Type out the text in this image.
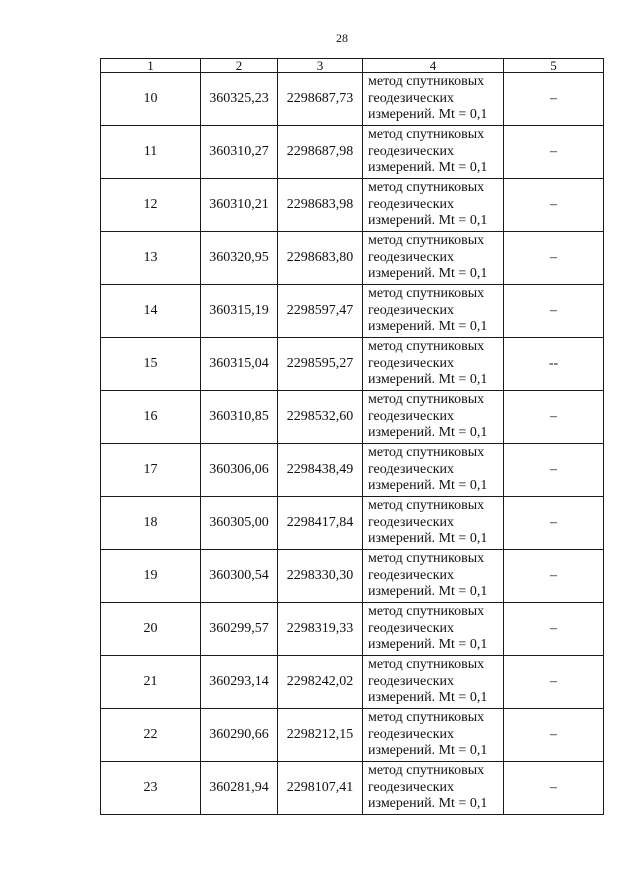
28
1	2	3	4	5
10	360325,23	2298687,73	метод спутниковых
геодезических
измерений. Mt = 0,1	–
11	360310,27	2298687,98	метод спутниковых
геодезических
измерений. Mt = 0,1	–
12	360310,21	2298683,98	метод спутниковых
геодезических
измерений. Mt = 0,1	–
13	360320,95	2298683,80	метод спутниковых
геодезических
измерений. Mt = 0,1	–
14	360315,19	2298597,47	метод спутниковых
геодезических
измерений. Mt = 0,1	–
15	360315,04	2298595,27	метод спутниковых
геодезических
измерений. Mt = 0,1	--
16	360310,85	2298532,60	метод спутниковых
геодезических
измерений. Mt = 0,1	–
17	360306,06	2298438,49	метод спутниковых
геодезических
измерений. Mt = 0,1	–
18	360305,00	2298417,84	метод спутниковых
геодезических
измерений. Mt = 0,1	–
19	360300,54	2298330,30	метод спутниковых
геодезических
измерений. Mt = 0,1	–
20	360299,57	2298319,33	метод спутниковых
геодезических
измерений. Mt = 0,1	–
21	360293,14	2298242,02	метод спутниковых
геодезических
измерений. Mt = 0,1	–
22	360290,66	2298212,15	метод спутниковых
геодезических
измерений. Mt = 0,1	–
23	360281,94	2298107,41	метод спутниковых
геодезических
измерений. Mt = 0,1	–
